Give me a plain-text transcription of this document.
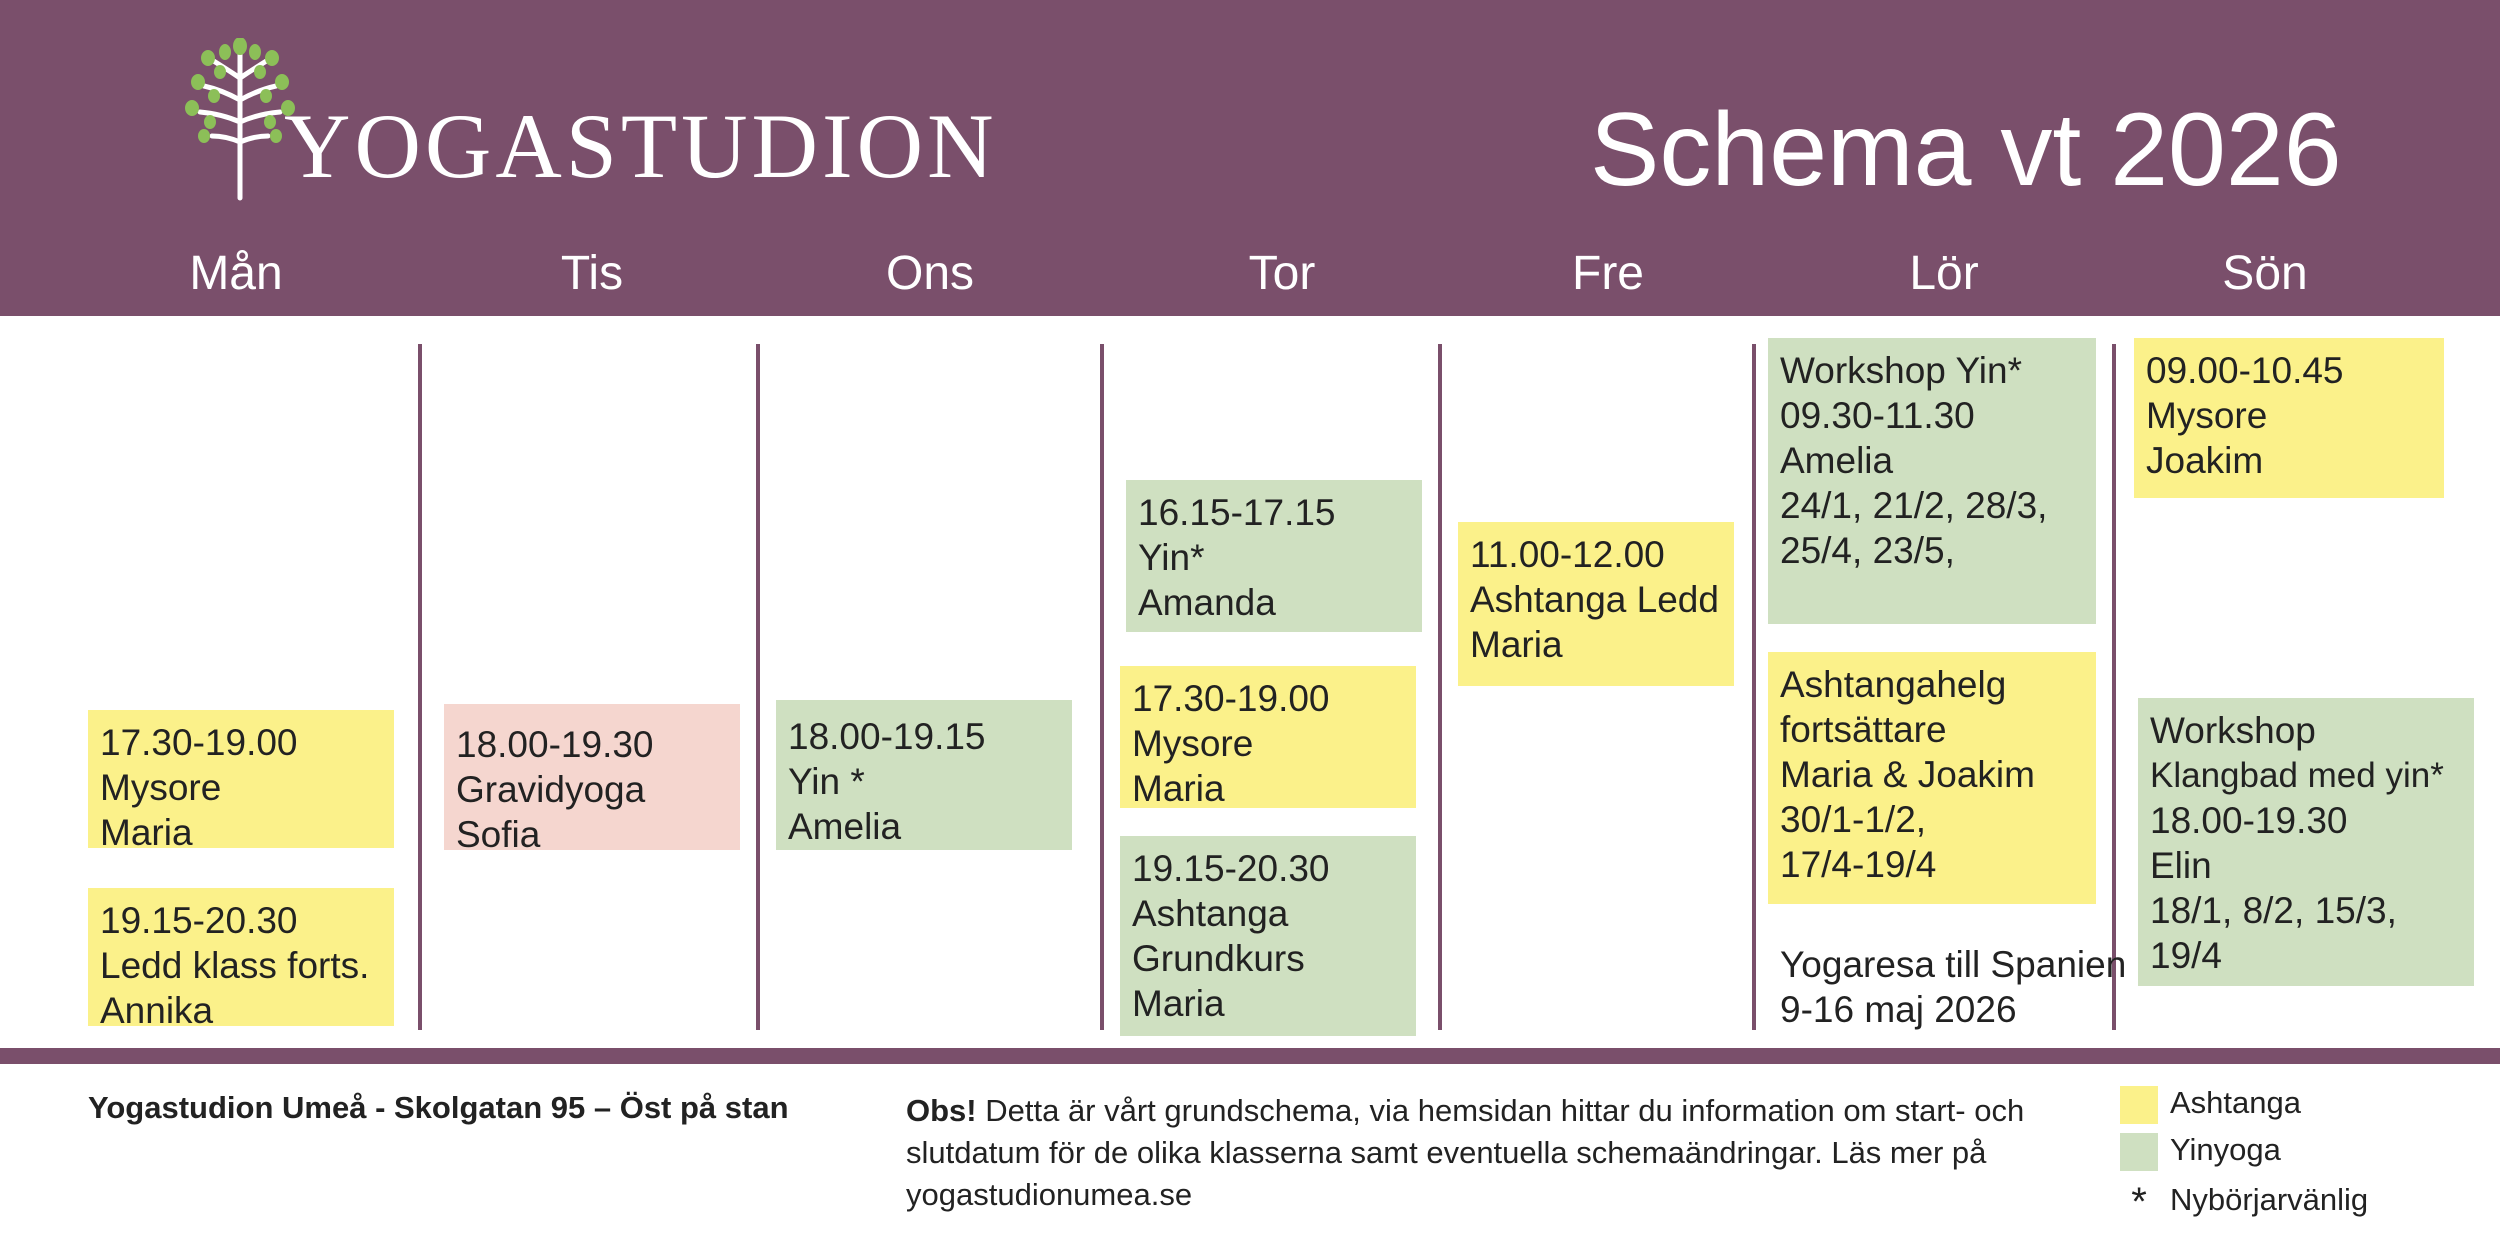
YOGASTUDION	Schema vt 2026
Mån	Tis	Ons	Tor	Fre	Lör	Sön
17.30-19.00
Mysore
Maria
19.15-20.30
Ledd klass forts.
Annika
18.00-19.30
Gravidyoga
Sofia
18.00-19.15
Yin *
Amelia
16.15-17.15
Yin*
Amanda
17.30-19.00
Mysore
Maria
19.15-20.30
Ashtanga
Grundkurs
Maria
11.00-12.00
Ashtanga Ledd
Maria
Workshop Yin*
09.30-11.30
Amelia
24/1, 21/2, 28/3,
25/4, 23/5,
Ashtangahelg
fortsättare
Maria & Joakim
30/1-1/2,
17/4-19/4
Yogaresa till Spanien
9-16 maj 2026
09.00-10.45
Mysore
Joakim
Workshop
Klangbad med yin*
18.00-19.30
Elin
18/1, 8/2, 15/3,
19/4
Yogastudion Umeå - Skolgatan 95 – Öst på stan	Obs! Detta är vårt grundschema, via hemsidan hittar du information om start- och slutdatum för de olika klasserna samt eventuella schemaändringar. Läs mer på yogastudionumea.se
Ashtanga
Yinyoga
* Nybörjarvänlig
